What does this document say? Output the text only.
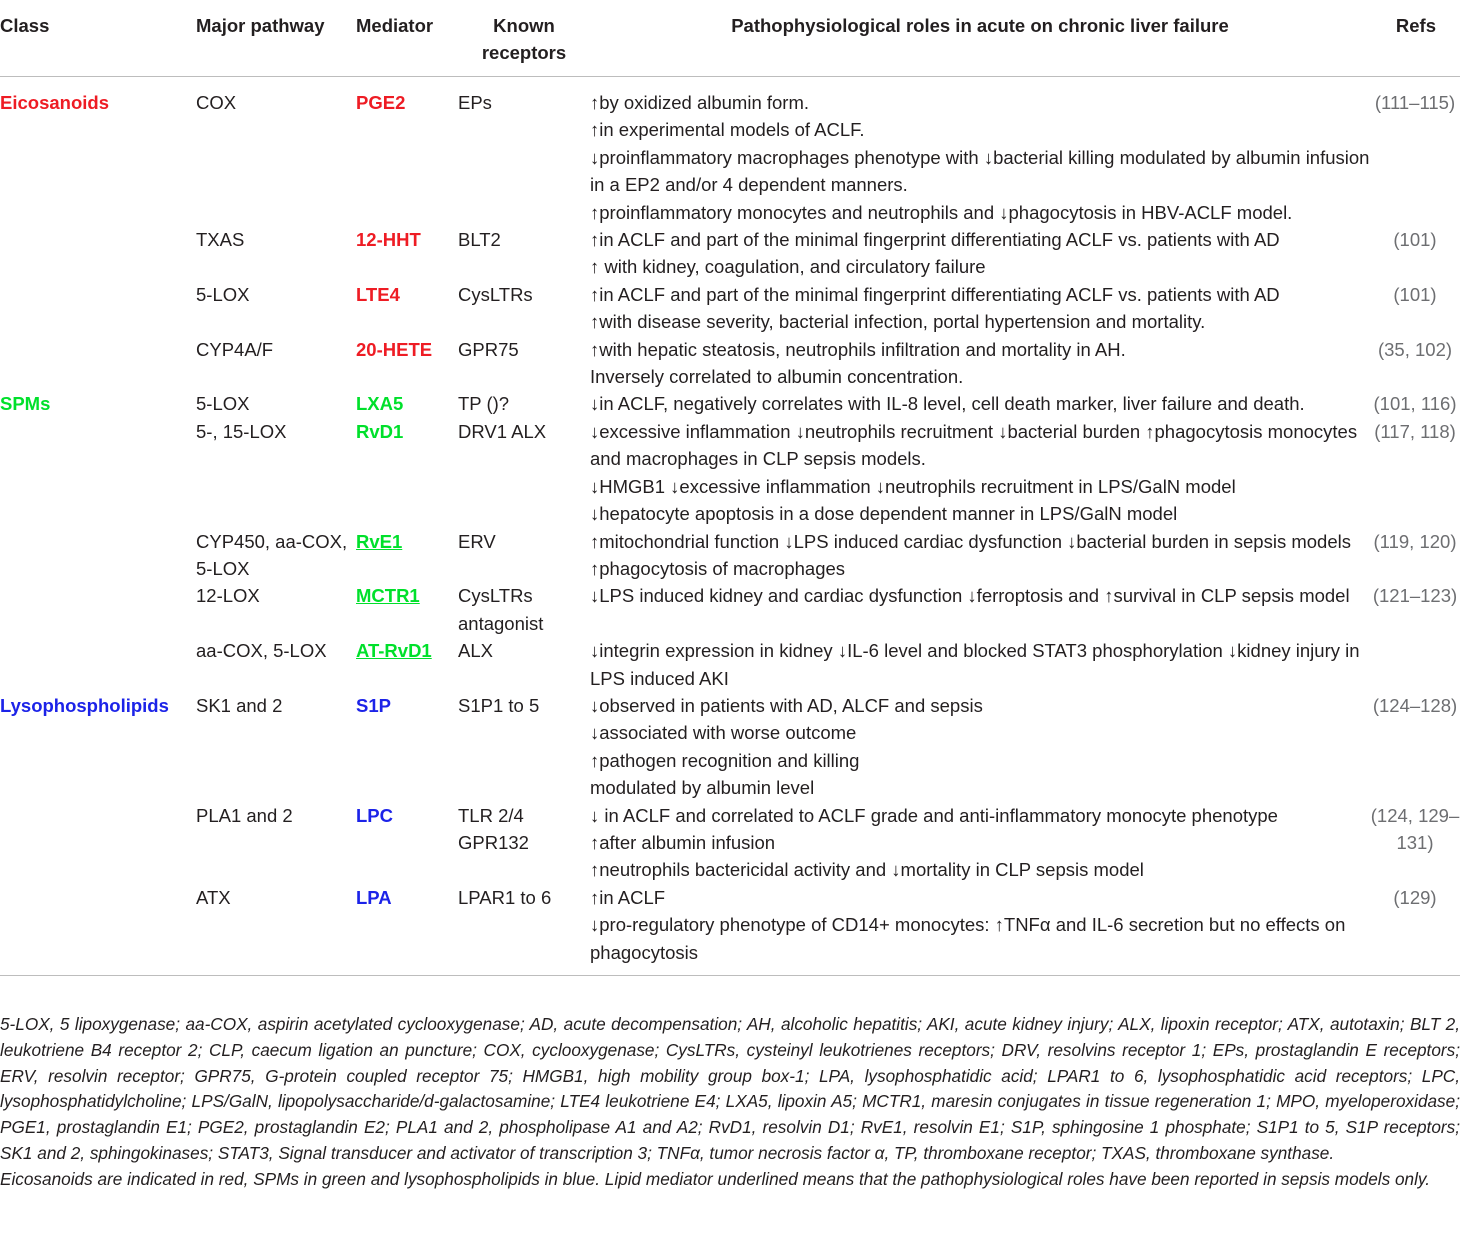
Class	Major pathway	Mediator	Known receptors	Pathophysiological roles in acute on chronic liver failure	Refs
Eicosanoids	COX	PGE2	EPs	↑by oxidized albumin form.
↑in experimental models of ACLF.
↓proinflammatory macrophages phenotype with ↓bacterial killing modulated by albumin infusion in a EP2 and/or 4 dependent manners.
↑proinflammatory monocytes and neutrophils and ↓phagocytosis in HBV-ACLF model.	(111–115)
	TXAS	12-HHT	BLT2	↑in ACLF and part of the minimal fingerprint differentiating ACLF vs. patients with AD
↑ with kidney, coagulation, and circulatory failure	(101)
	5-LOX	LTE4	CysLTRs	↑in ACLF and part of the minimal fingerprint differentiating ACLF vs. patients with AD
↑with disease severity, bacterial infection, portal hypertension and mortality.	(101)
	CYP4A/F	20-HETE	GPR75	↑with hepatic steatosis, neutrophils infiltration and mortality in AH.
Inversely correlated to albumin concentration.	(35, 102)
SPMs	5-LOX	LXA5	TP ()?	↓in ACLF, negatively correlates with IL-8 level, cell death marker, liver failure and death.	(101, 116)
	5-, 15-LOX	RvD1	DRV1 ALX	↓excessive inflammation ↓neutrophils recruitment ↓bacterial burden ↑phagocytosis monocytes and macrophages in CLP sepsis models.
↓HMGB1 ↓excessive inflammation ↓neutrophils recruitment in LPS/GalN model
↓hepatocyte apoptosis in a dose dependent manner in LPS/GalN model	(117, 118)
	CYP450, aa-COX, 5-LOX	RvE1	ERV	↑mitochondrial function ↓LPS induced cardiac dysfunction ↓bacterial burden in sepsis models ↑phagocytosis of macrophages	(119, 120)
	12-LOX	MCTR1	CysLTRs antagonist	↓LPS induced kidney and cardiac dysfunction ↓ferroptosis and ↑survival in CLP sepsis model	(121–123)
	aa-COX, 5-LOX	AT-RvD1	ALX	↓integrin expression in kidney ↓IL-6 level and blocked STAT3 phosphorylation ↓kidney injury in LPS induced AKI	

Lysophospholipids	SK1 and 2	S1P	S1P1 to 5	↓observed in patients with AD, ALCF and sepsis
↓associated with worse outcome
↑pathogen recognition and killing
modulated by albumin level	(124–128)
	PLA1 and 2	LPC	TLR 2/4 GPR132	↓ in ACLF and correlated to ACLF grade and anti-inflammatory monocyte phenotype
↑after albumin infusion
↑neutrophils bactericidal activity and ↓mortality in CLP sepsis model	(124, 129–131)
	ATX	LPA	LPAR1 to 6	↑in ACLF
↓pro-regulatory phenotype of CD14+ monocytes: ↑TNFα and IL-6 secretion but no effects on phagocytosis	(129)

5-LOX, 5 lipoxygenase; aa-COX, aspirin acetylated cyclooxygenase; AD, acute decompensation; AH, alcoholic hepatitis; AKI, acute kidney injury; ALX, lipoxin receptor; ATX, autotaxin; BLT 2, leukotriene B4 receptor 2; CLP, caecum ligation an puncture; COX, cyclooxygenase; CysLTRs, cysteinyl leukotrienes receptors; DRV, resolvins receptor 1; EPs, prostaglandin E receptors; ERV, resolvin receptor; GPR75, G-protein coupled receptor 75; HMGB1, high mobility group box-1; LPA, lysophosphatidic acid; LPAR1 to 6, lysophosphatidic acid receptors; LPC, lysophosphatidylcholine; LPS/GalN, lipopolysaccharide/d-galactosamine; LTE4 leukotriene E4; LXA5, lipoxin A5; MCTR1, maresin conjugates in tissue regeneration 1; MPO, myeloperoxidase; PGE1, prostaglandin E1; PGE2, prostaglandin E2; PLA1 and 2, phospholipase A1 and A2; RvD1, resolvin D1; RvE1, resolvin E1; S1P, sphingosine 1 phosphate; S1P1 to 5, S1P receptors; SK1 and 2, sphingokinases; STAT3, Signal transducer and activator of transcription 3; TNFα, tumor necrosis factor α, TP, thromboxane receptor; TXAS, thromboxane synthase.

Eicosanoids are indicated in red, SPMs in green and lysophospholipids in blue. Lipid mediator underlined means that the pathophysiological roles have been reported in sepsis models only.
